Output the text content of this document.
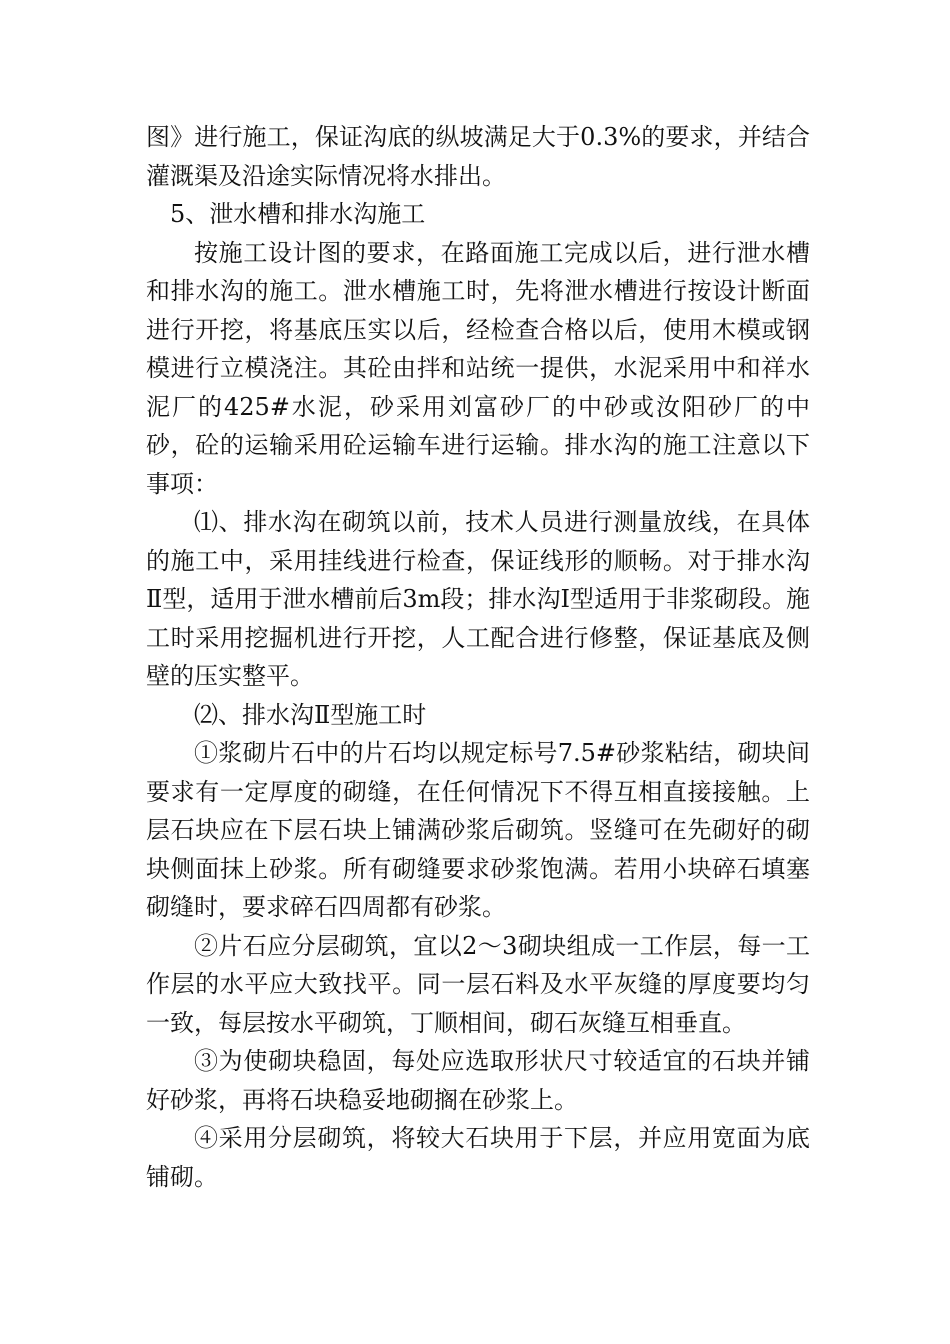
图》进行施工，保证沟底的纵坡满足大于0.3%的要求，并结合灌溉渠及沿途实际情况将水排出。

5、泄水槽和排水沟施工

按施工设计图的要求，在路面施工完成以后，进行泄水槽和排水沟的施工。泄水槽施工时，先将泄水槽进行按设计断面进行开挖，将基底压实以后，经检查合格以后，使用木模或钢模进行立模浇注。其砼由拌和站统一提供，水泥采用中和祥水泥厂的425#水泥，砂采用刘富砂厂的中砂或汝阳砂厂的中砂，砼的运输采用砼运输车进行运输。排水沟的施工注意以下事项：

⑴、排水沟在砌筑以前，技术人员进行测量放线，在具体的施工中，采用挂线进行检查，保证线形的顺畅。对于排水沟Ⅱ型，适用于泄水槽前后3m段；排水沟Ⅰ型适用于非浆砌段。施工时采用挖掘机进行开挖，人工配合进行修整，保证基底及侧壁的压实整平。

⑵、排水沟Ⅱ型施工时

①浆砌片石中的片石均以规定标号7.5#砂浆粘结，砌块间要求有一定厚度的砌缝，在任何情况下不得互相直接接触。上层石块应在下层石块上铺满砂浆后砌筑。竖缝可在先砌好的砌块侧面抹上砂浆。所有砌缝要求砂浆饱满。若用小块碎石填塞砌缝时，要求碎石四周都有砂浆。

②片石应分层砌筑，宜以2～3砌块组成一工作层，每一工作层的水平应大致找平。同一层石料及水平灰缝的厚度要均匀一致，每层按水平砌筑，丁顺相间，砌石灰缝互相垂直。

③为使砌块稳固，每处应选取形状尺寸较适宜的石块并铺好砂浆，再将石块稳妥地砌搁在砂浆上。

④采用分层砌筑，将较大石块用于下层，并应用宽面为底铺砌。
